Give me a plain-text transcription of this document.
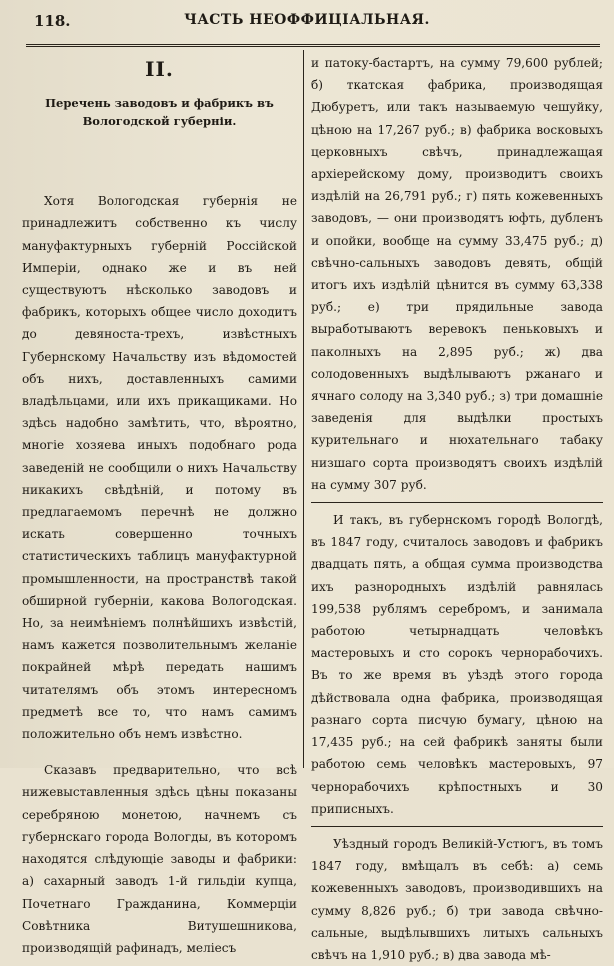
118.	ЧАСТЬ НЕОФФИЦІАЛЬНАЯ.
II.
Перечень заводовъ и фабрикъ въ Вологодской губерніи.

Хотя Вологодская губернія не принадлежитъ собственно къ числу мануфактурныхъ губерній Россійской Имперіи, однако же и въ ней существуютъ нѣсколько заводовъ и фабрикъ, которыхъ общее число доходитъ до девяноста-трехъ, извѣстныхъ Губернскому Начальству изъ вѣдомостей объ нихъ, доставленныхъ самими владѣльцами, или ихъ прикащиками. Но здѣсь надобно замѣтить, что, вѣроятно, многіе хозяева иныхъ подобнаго рода заведеній не сообщили о нихъ Начальству никакихъ свѣдѣній, и потому въ предлагаемомъ перечнѣ не должно искать совершенно точныхъ статистическихъ таблицъ мануфактурной промышленности, на пространствѣ такой обширной губерніи, какова Вологодская. Но, за неимѣніемъ полнѣйшихъ извѣстій, намъ кажется позволительнымъ желаніе покрайней мѣрѣ передать нашимъ читателямъ объ этомъ интересномъ предметѣ все то, что намъ самимъ положительно объ немъ извѣстно.

Сказавъ предварительно, что всѣ нижевыставленныя здѣсь цѣны показаны серебряною монетою, начнемъ съ губернскаго города Вологды, въ которомъ находятся слѣдующіе заводы и фабрики: а) сахарный заводъ 1-й гильдіи купца, Почетнаго Гражданина, Коммерціи Совѣтника Витушешникова, производящій рафинадъ, меліесъ

и патоку-бастартъ, на сумму 79,600 рублей; б) ткатская фабрика, производящая Дюбуретъ, или такъ называемую чешуйку, цѣною на 17,267 руб.; в) фабрика восковыхъ церковныхъ свѣчъ, принадлежащая архіерейскому дому, производитъ своихъ издѣлій на 26,791 руб.; г) пять кожевенныхъ заводовъ, — они производятъ юфть, дубленъ и опойки, вообще на сумму 33,475 руб.; д) свѣчно-сальныхъ заводовъ девять, общій итогъ ихъ издѣлій цѣнится въ сумму 63,338 руб.; е) три прядильные завода выработываютъ веревокъ пеньковыхъ и паколныхъ на 2,895 руб.; ж) два солодовенныхъ выдѣлываютъ ржанаго и ячнаго солоду на 3,340 руб.; з) три домашніе заведенія для выдѣлки простыхъ курительнаго и нюхательнаго табаку низшаго сорта производятъ своихъ издѣлій на сумму 307 руб.

И такъ, въ губернскомъ городѣ Вологдѣ, въ 1847 году, считалось заводовъ и фабрикъ двадцать пять, а общая сумма производства ихъ разнородныхъ издѣлій равнялась 199,538 рублямъ серебромъ, и занимала работою четырнадцать человѣкъ мастеровыхъ и сто сорокъ чернорабочихъ. Въ то же время въ уѣздѣ этого города дѣйствовала одна фабрика, производящая разнаго сорта писчую бумагу, цѣною на 17,435 руб.; на сей фабрикѣ заняты были работою семь человѣкъ мастеровыхъ, 97 чернорабочихъ крѣпостныхъ и 30 приписныхъ.

Уѣздный городъ Великій-Устюгъ, въ томъ 1847 году, вмѣщалъ въ себѣ: а) семь кожевенныхъ заводовъ, производившихъ на сумму 8,826 руб.; б) три завода свѣчно-сальные, выдѣлывшихъ литыхъ сальныхъ свѣчъ на 1,910 руб.; в) два завода мѣ-
